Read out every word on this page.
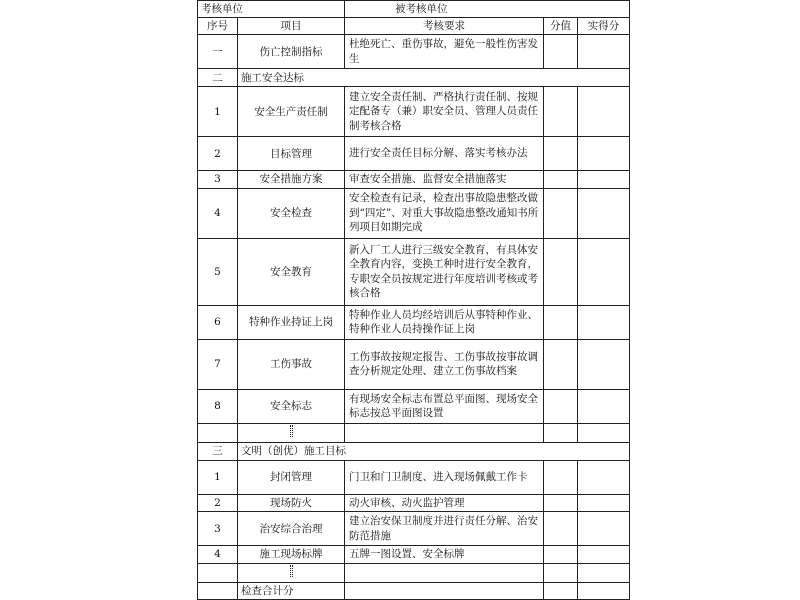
考核单位		被考核单位		
序号	项目	考核要求	分值	实得分
一	伤亡控制指标	杜绝死亡、重伤事故，避免一般性伤害发生		
二	施工安全达标			
1	安全生产责任制	建立安全责任制、严格执行责任制、按规定配备专（兼）职安全员、管理人员责任制考核合格		
2	目标管理	进行安全责任目标分解、落实考核办法		
3	安全措施方案	审查安全措施、监督安全措施落实		
4	安全检查	安全检查有记录，检查出事故隐患整改做到“四定”、对重大事故隐患整改通知书所列项目如期完成		
5	安全教育	新入厂工人进行三级安全教育，有具体安全教育内容，变换工种时进行安全教育，专职安全员按规定进行年度培训考核或考核合格		
6	特种作业持证上岗	特种作业人员均经培训后从事特种作业、特种作业人员持操作证上岗		
7	工伤事故	工伤事故按规定报告、工伤事故按事故调查分析规定处理、建立工伤事故档案		
8	安全标志	有现场安全标志布置总平面图、现场安全标志按总平面图设置		

三	文明（创优）施工目标			
1	封闭管理	门卫和门卫制度、进入现场佩戴工作卡		
2	现场防火	动火审核、动火监护管理		
3	治安综合治理	建立治安保卫制度并进行责任分解、治安防范措施		
4	施工现场标牌	五牌一图设置、安全标牌		

	检查合计分			
